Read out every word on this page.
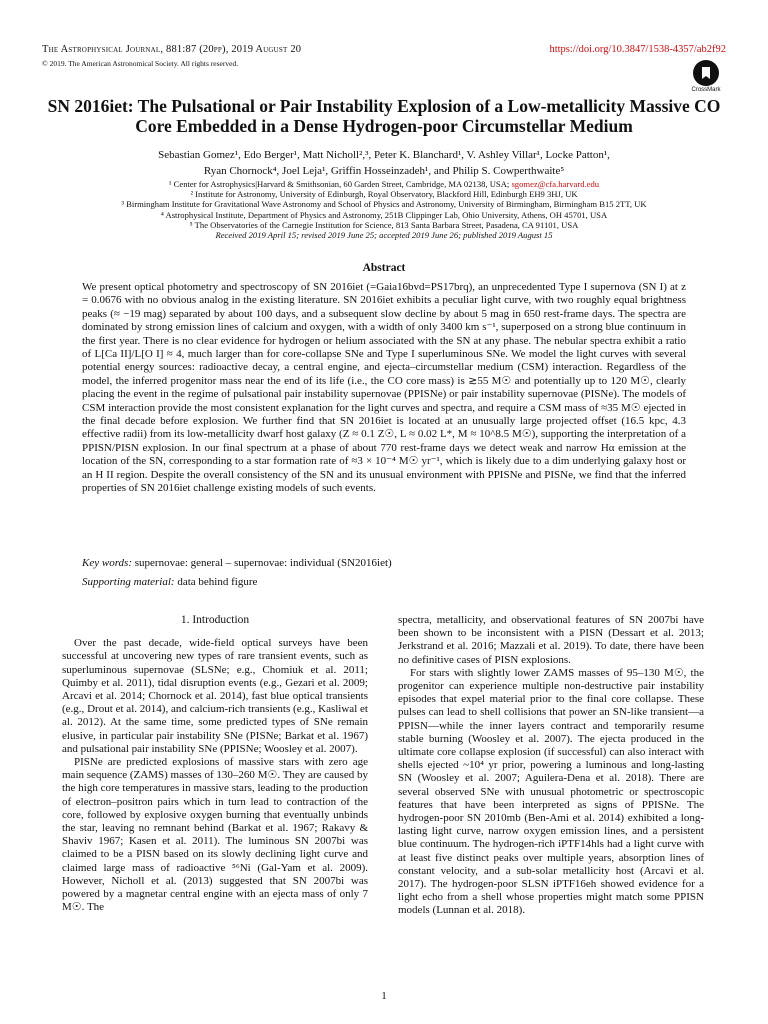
The Astrophysical Journal, 881:87 (20pp), 2019 August 20
© 2019. The American Astronomical Society. All rights reserved.
https://doi.org/10.3847/1538-4357/ab2f92
CrossMark
SN 2016iet: The Pulsational or Pair Instability Explosion of a Low-metallicity Massive CO Core Embedded in a Dense Hydrogen-poor Circumstellar Medium
Sebastian Gomez¹, Edo Berger¹, Matt Nicholl²,³, Peter K. Blanchard¹, V. Ashley Villar¹, Locke Patton¹,
Ryan Chornock⁴, Joel Leja¹, Griffin Hosseinzadeh¹, and Philip S. Cowperthwaite⁵
¹ Center for Astrophysics|Harvard & Smithsonian, 60 Garden Street, Cambridge, MA 02138, USA; sgomez@cfa.harvard.edu
² Institute for Astronomy, University of Edinburgh, Royal Observatory, Blackford Hill, Edinburgh EH9 3HJ, UK
³ Birmingham Institute for Gravitational Wave Astronomy and School of Physics and Astronomy, University of Birmingham, Birmingham B15 2TT, UK
⁴ Astrophysical Institute, Department of Physics and Astronomy, 251B Clippinger Lab, Ohio University, Athens, OH 45701, USA
⁵ The Observatories of the Carnegie Institution for Science, 813 Santa Barbara Street, Pasadena, CA 91101, USA
Received 2019 April 15; revised 2019 June 25; accepted 2019 June 26; published 2019 August 15
Abstract

We present optical photometry and spectroscopy of SN 2016iet (=Gaia16bvd=PS17brq), an unprecedented Type I supernova (SN I) at z = 0.0676 with no obvious analog in the existing literature. SN 2016iet exhibits a peculiar light curve, with two roughly equal brightness peaks (≈ −19 mag) separated by about 100 days, and a subsequent slow decline by about 5 mag in 650 rest-frame days. The spectra are dominated by strong emission lines of calcium and oxygen, with a width of only 3400 km s⁻¹, superposed on a strong blue continuum in the first year. There is no clear evidence for hydrogen or helium associated with the SN at any phase. The nebular spectra exhibit a ratio of L[Ca II]/L[O I] ≈ 4, much larger than for core-collapse SNe and Type I superluminous SNe. We model the light curves with several potential energy sources: radioactive decay, a central engine, and ejecta–circumstellar medium (CSM) interaction. Regardless of the model, the inferred progenitor mass near the end of its life (i.e., the CO core mass) is ≳55 M☉ and potentially up to 120 M☉, clearly placing the event in the regime of pulsational pair instability supernovae (PPISNe) or pair instability supernovae (PISNe). The models of CSM interaction provide the most consistent explanation for the light curves and spectra, and require a CSM mass of ≈35 M☉ ejected in the final decade before explosion. We further find that SN 2016iet is located at an unusually large projected offset (16.5 kpc, 4.3 effective radii) from its low-metallicity dwarf host galaxy (Z ≈ 0.1 Z☉, L ≈ 0.02 L*, M ≈ 10^8.5 M☉), supporting the interpretation of a PPISN/PISN explosion. In our final spectrum at a phase of about 770 rest-frame days we detect weak and narrow Hα emission at the location of the SN, corresponding to a star formation rate of ≈3 × 10⁻⁴ M☉ yr⁻¹, which is likely due to a dim underlying galaxy host or an H II region. Despite the overall consistency of the SN and its unusual environment with PPISNe and PISNe, we find that the inferred properties of SN 2016iet challenge existing models of such events.

Key words: supernovae: general – supernovae: individual (SN2016iet)
Supporting material: data behind figure
1. Introduction

Over the past decade, wide-field optical surveys have been successful at uncovering new types of rare transient events, such as superluminous supernovae (SLSNe; e.g., Chomiuk et al. 2011; Quimby et al. 2011), tidal disruption events (e.g., Gezari et al. 2009; Arcavi et al. 2014; Chornock et al. 2014), fast blue optical transients (e.g., Drout et al. 2014), and calcium-rich transients (e.g., Kasliwal et al. 2012). At the same time, some predicted types of SNe remain elusive, in particular pair instability SNe (PISNe; Barkat et al. 1967) and pulsational pair instability SNe (PPISNe; Woosley et al. 2007).

PISNe are predicted explosions of massive stars with zero age main sequence (ZAMS) masses of 130–260 M☉. They are caused by the high core temperatures in massive stars, leading to the production of electron–positron pairs which in turn lead to contraction of the core, followed by explosive oxygen burning that eventually unbinds the star, leaving no remnant behind (Barkat et al. 1967; Rakavy & Shaviv 1967; Kasen et al. 2011). The luminous SN 2007bi was claimed to be a PISN based on its slowly declining light curve and claimed large mass of radioactive ⁵⁶Ni (Gal-Yam et al. 2009). However, Nicholl et al. (2013) suggested that SN 2007bi was powered by a magnetar central engine with an ejecta mass of only 7 M☉. The

spectra, metallicity, and observational features of SN 2007bi have been shown to be inconsistent with a PISN (Dessart et al. 2013; Jerkstrand et al. 2016; Mazzali et al. 2019). To date, there have been no definitive cases of PISN explosions.

For stars with slightly lower ZAMS masses of 95–130 M☉, the progenitor can experience multiple non-destructive pair instability episodes that expel material prior to the final core collapse. These pulses can lead to shell collisions that power an SN-like transient—a PPISN—while the inner layers contract and temporarily resume stable burning (Woosley et al. 2007). The ejecta produced in the ultimate core collapse explosion (if successful) can also interact with shells ejected ~10⁴ yr prior, powering a luminous and long-lasting SN (Woosley et al. 2007; Aguilera-Dena et al. 2018). There are several observed SNe with unusual photometric or spectroscopic features that have been interpreted as signs of PPISNe. The hydrogen-poor SN 2010mb (Ben-Ami et al. 2014) exhibited a long-lasting light curve, narrow oxygen emission lines, and a persistent blue continuum. The hydrogen-rich iPTF14hls had a light curve with at least five distinct peaks over multiple years, absorption lines of constant velocity, and a sub-solar metallicity host (Arcavi et al. 2017). The hydrogen-poor SLSN iPTF16eh showed evidence for a light echo from a shell whose properties might match some PPISN models (Lunnan et al. 2018).

1
